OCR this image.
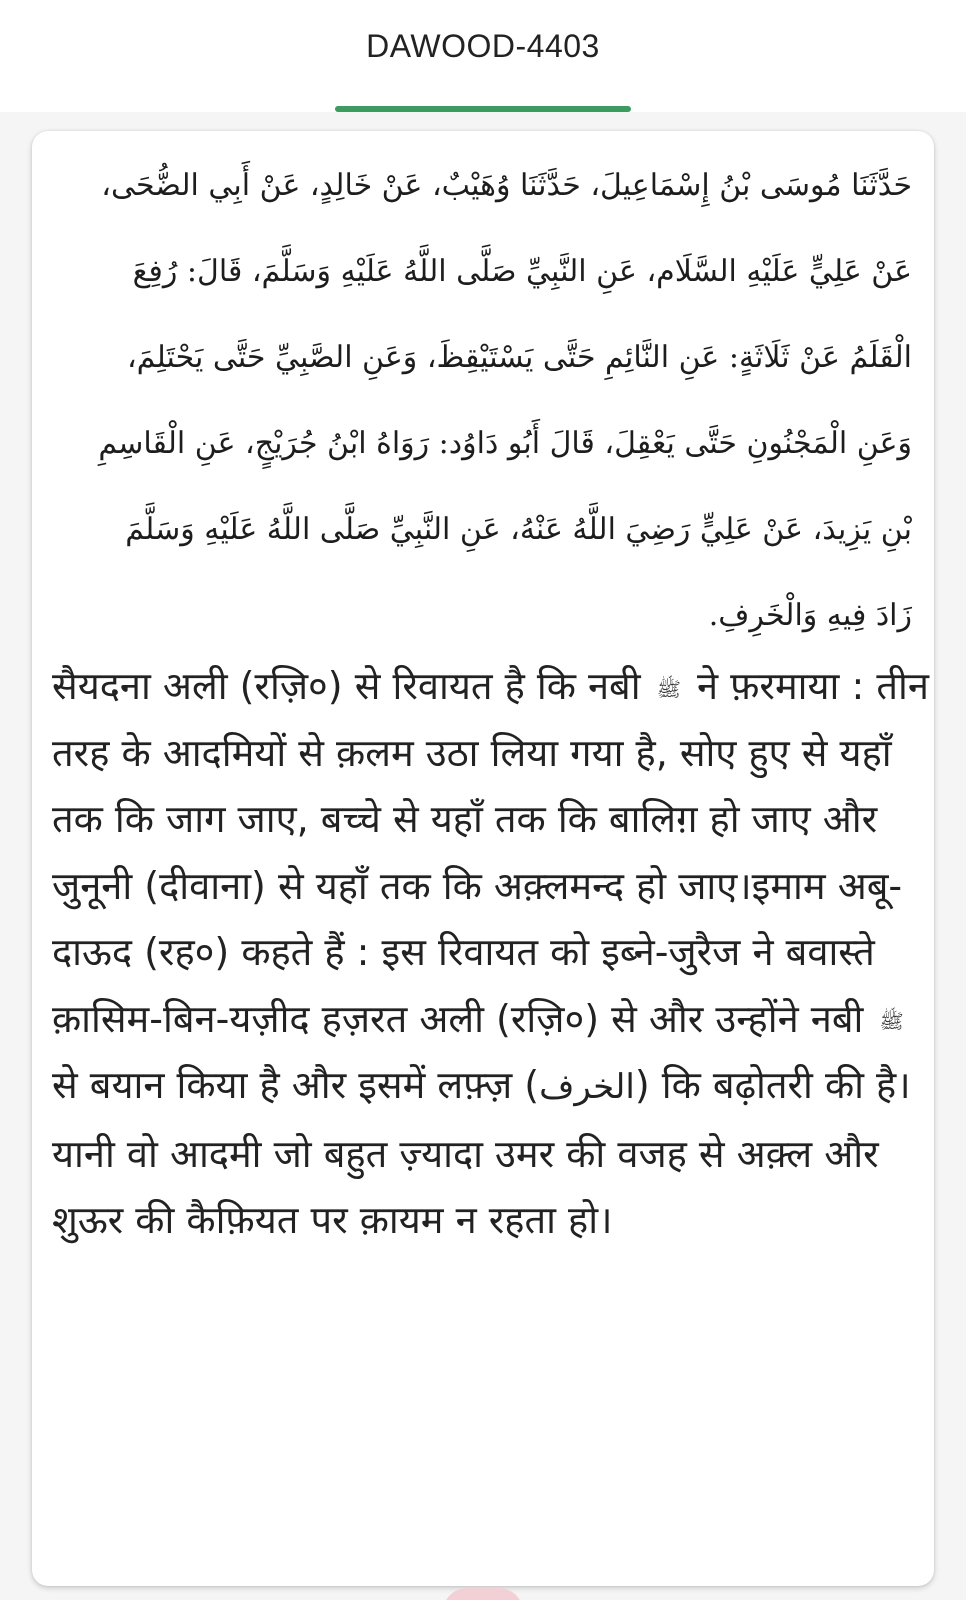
DAWOOD-4403

حَدَّثَنَا مُوسَى بْنُ إِسْمَاعِيلَ، حَدَّثَنَا وُهَيْبٌ، عَنْ خَالِدٍ، عَنْ أَبِي الضُّحَى، عَنْ عَلِيٍّ عَلَيْهِ السَّلَام، عَنِ النَّبِيِّ صَلَّى اللَّهُ عَلَيْهِ وَسَلَّمَ، قَالَ: رُفِعَ الْقَلَمُ عَنْ ثَلَاثَةٍ: عَنِ النَّائِمِ حَتَّى يَسْتَيْقِظَ، وَعَنِ الصَّبِيِّ حَتَّى يَحْتَلِمَ، وَعَنِ الْمَجْنُونِ حَتَّى يَعْقِلَ، قَالَ أَبُو دَاوُد: رَوَاهُ ابْنُ جُرَيْجٍ، عَنِ الْقَاسِمِ بْنِ يَزِيدَ، عَنْ عَلِيٍّ رَضِيَ اللَّهُ عَنْهُ، عَنِ النَّبِيِّ صَلَّى اللَّهُ عَلَيْهِ وَسَلَّمَ زَادَ فِيهِ وَالْخَرِفِ.

सैयदना अली (रज़ि०) से रिवायत है कि नबी ﷺ ने फ़रमाया : तीन तरह के आदमियों से क़लम उठा लिया गया है, सोए हुए से यहाँ तक कि जाग जाए, बच्चे से यहाँ तक कि बालिग़ हो जाए और जुनूनी (दीवाना) से यहाँ तक कि अक़्लमन्द हो जाए।इमाम अबू-दाऊद (रह०) कहते हैं : इस रिवायत को इब्ने-जुरैज ने बवास्ते क़ासिम-बिन-यज़ीद हज़रत अली (रज़ि०) से और उन्होंने नबी ﷺ से बयान किया है और इसमें लफ़्ज़ (الخرف) कि बढ़ोतरी की है। यानी वो आदमी जो बहुत ज़्यादा उमर की वजह से अक़्ल और शुऊर की कैफ़ियत पर क़ायम न रहता हो।
